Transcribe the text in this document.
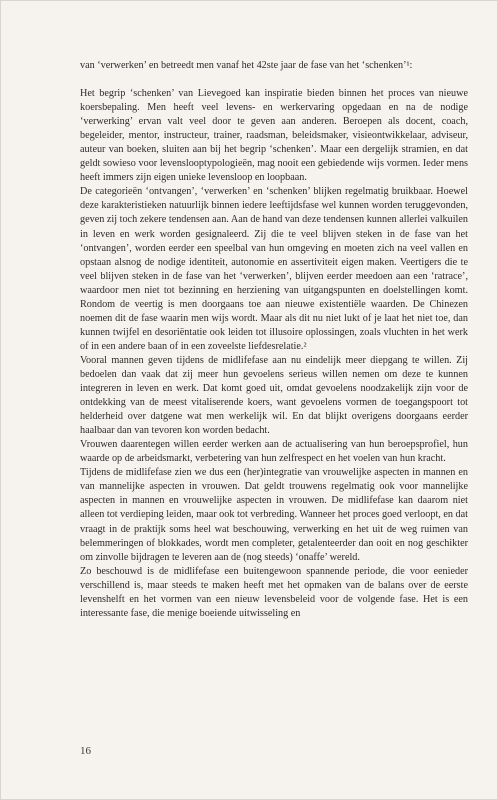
van ‘verwerken’ en betreedt men vanaf het 42ste jaar de fase van het ‘schenken’¹:

Het begrip ‘schenken’ van Lievegoed kan inspiratie bieden binnen het proces van nieuwe koersbepaling. Men heeft veel levens- en werkervaring opgedaan en na de nodige ‘verwerking’ ervan valt veel door te geven aan anderen. Beroepen als docent, coach, begeleider, mentor, instructeur, trainer, raadsman, beleidsmaker, visieontwikkelaar, adviseur, auteur van boeken, sluiten aan bij het begrip ‘schenken’. Maar een dergelijk stramien, en dat geldt sowieso voor levenslooptypologieën, mag nooit een gebiedende wijs vormen. Ieder mens heeft immers zijn eigen unieke levensloop en loopbaan.

De categorieën ‘ontvangen’, ‘verwerken’ en ‘schenken’ blijken regelmatig bruikbaar. Hoewel deze karakteristieken natuurlijk binnen iedere leeftijdsfase wel kunnen worden teruggevonden, geven zij toch zekere tendensen aan. Aan de hand van deze tendensen kunnen allerlei valkuilen in leven en werk worden gesignaleerd. Zij die te veel blijven steken in de fase van het ‘ontvangen’, worden eerder een speelbal van hun omgeving en moeten zich na veel vallen en opstaan alsnog de nodige identiteit, autonomie en assertiviteit eigen maken. Veertigers die te veel blijven steken in de fase van het ‘verwerken’, blijven eerder meedoen aan een ‘ratrace’, waardoor men niet tot bezinning en herziening van uitgangspunten en doelstellingen komt. Rondom de veertig is men doorgaans toe aan nieuwe existentiële waarden. De Chinezen noemen dit de fase waarin men wijs wordt. Maar als dit nu niet lukt of je laat het niet toe, dan kunnen twijfel en desoriëntatie ook leiden tot illusoire oplossingen, zoals vluchten in het werk of in een andere baan of in een zoveelste liefdesrelatie.²

Vooral mannen geven tijdens de midlifefase aan nu eindelijk meer diepgang te willen. Zij bedoelen dan vaak dat zij meer hun gevoelens serieus willen nemen om deze te kunnen integreren in leven en werk. Dat komt goed uit, omdat gevoelens noodzakelijk zijn voor de ontdekking van de meest vitaliserende koers, want gevoelens vormen de toegangspoort tot helderheid over datgene wat men werkelijk wil. En dat blijkt overigens doorgaans eerder haalbaar dan van tevoren kon worden bedacht.

Vrouwen daarentegen willen eerder werken aan de actualisering van hun beroepsprofiel, hun waarde op de arbeidsmarkt, verbetering van hun zelfrespect en het voelen van hun kracht.

Tijdens de midlifefase zien we dus een (her)integratie van vrouwelijke aspecten in mannen en van mannelijke aspecten in vrouwen. Dat geldt trouwens regelmatig ook voor mannelijke aspecten in mannen en vrouwelijke aspecten in vrouwen. De midlifefase kan daarom niet alleen tot verdieping leiden, maar ook tot verbreding. Wanneer het proces goed verloopt, en dat vraagt in de praktijk soms heel wat beschouwing, verwerking en het uit de weg ruimen van belemmeringen of blokkades, wordt men completer, getalenteerder dan ooit en nog geschikter om zinvolle bijdragen te leveren aan de (nog steeds) ‘onaffe’ wereld.

Zo beschouwd is de midlifefase een buitengewoon spannende periode, die voor eenieder verschillend is, maar steeds te maken heeft met het opmaken van de balans over de eerste levenshelft en het vormen van een nieuw levensbeleid voor de volgende fase. Het is een interessante fase, die menige boeiende uitwisseling en

16
